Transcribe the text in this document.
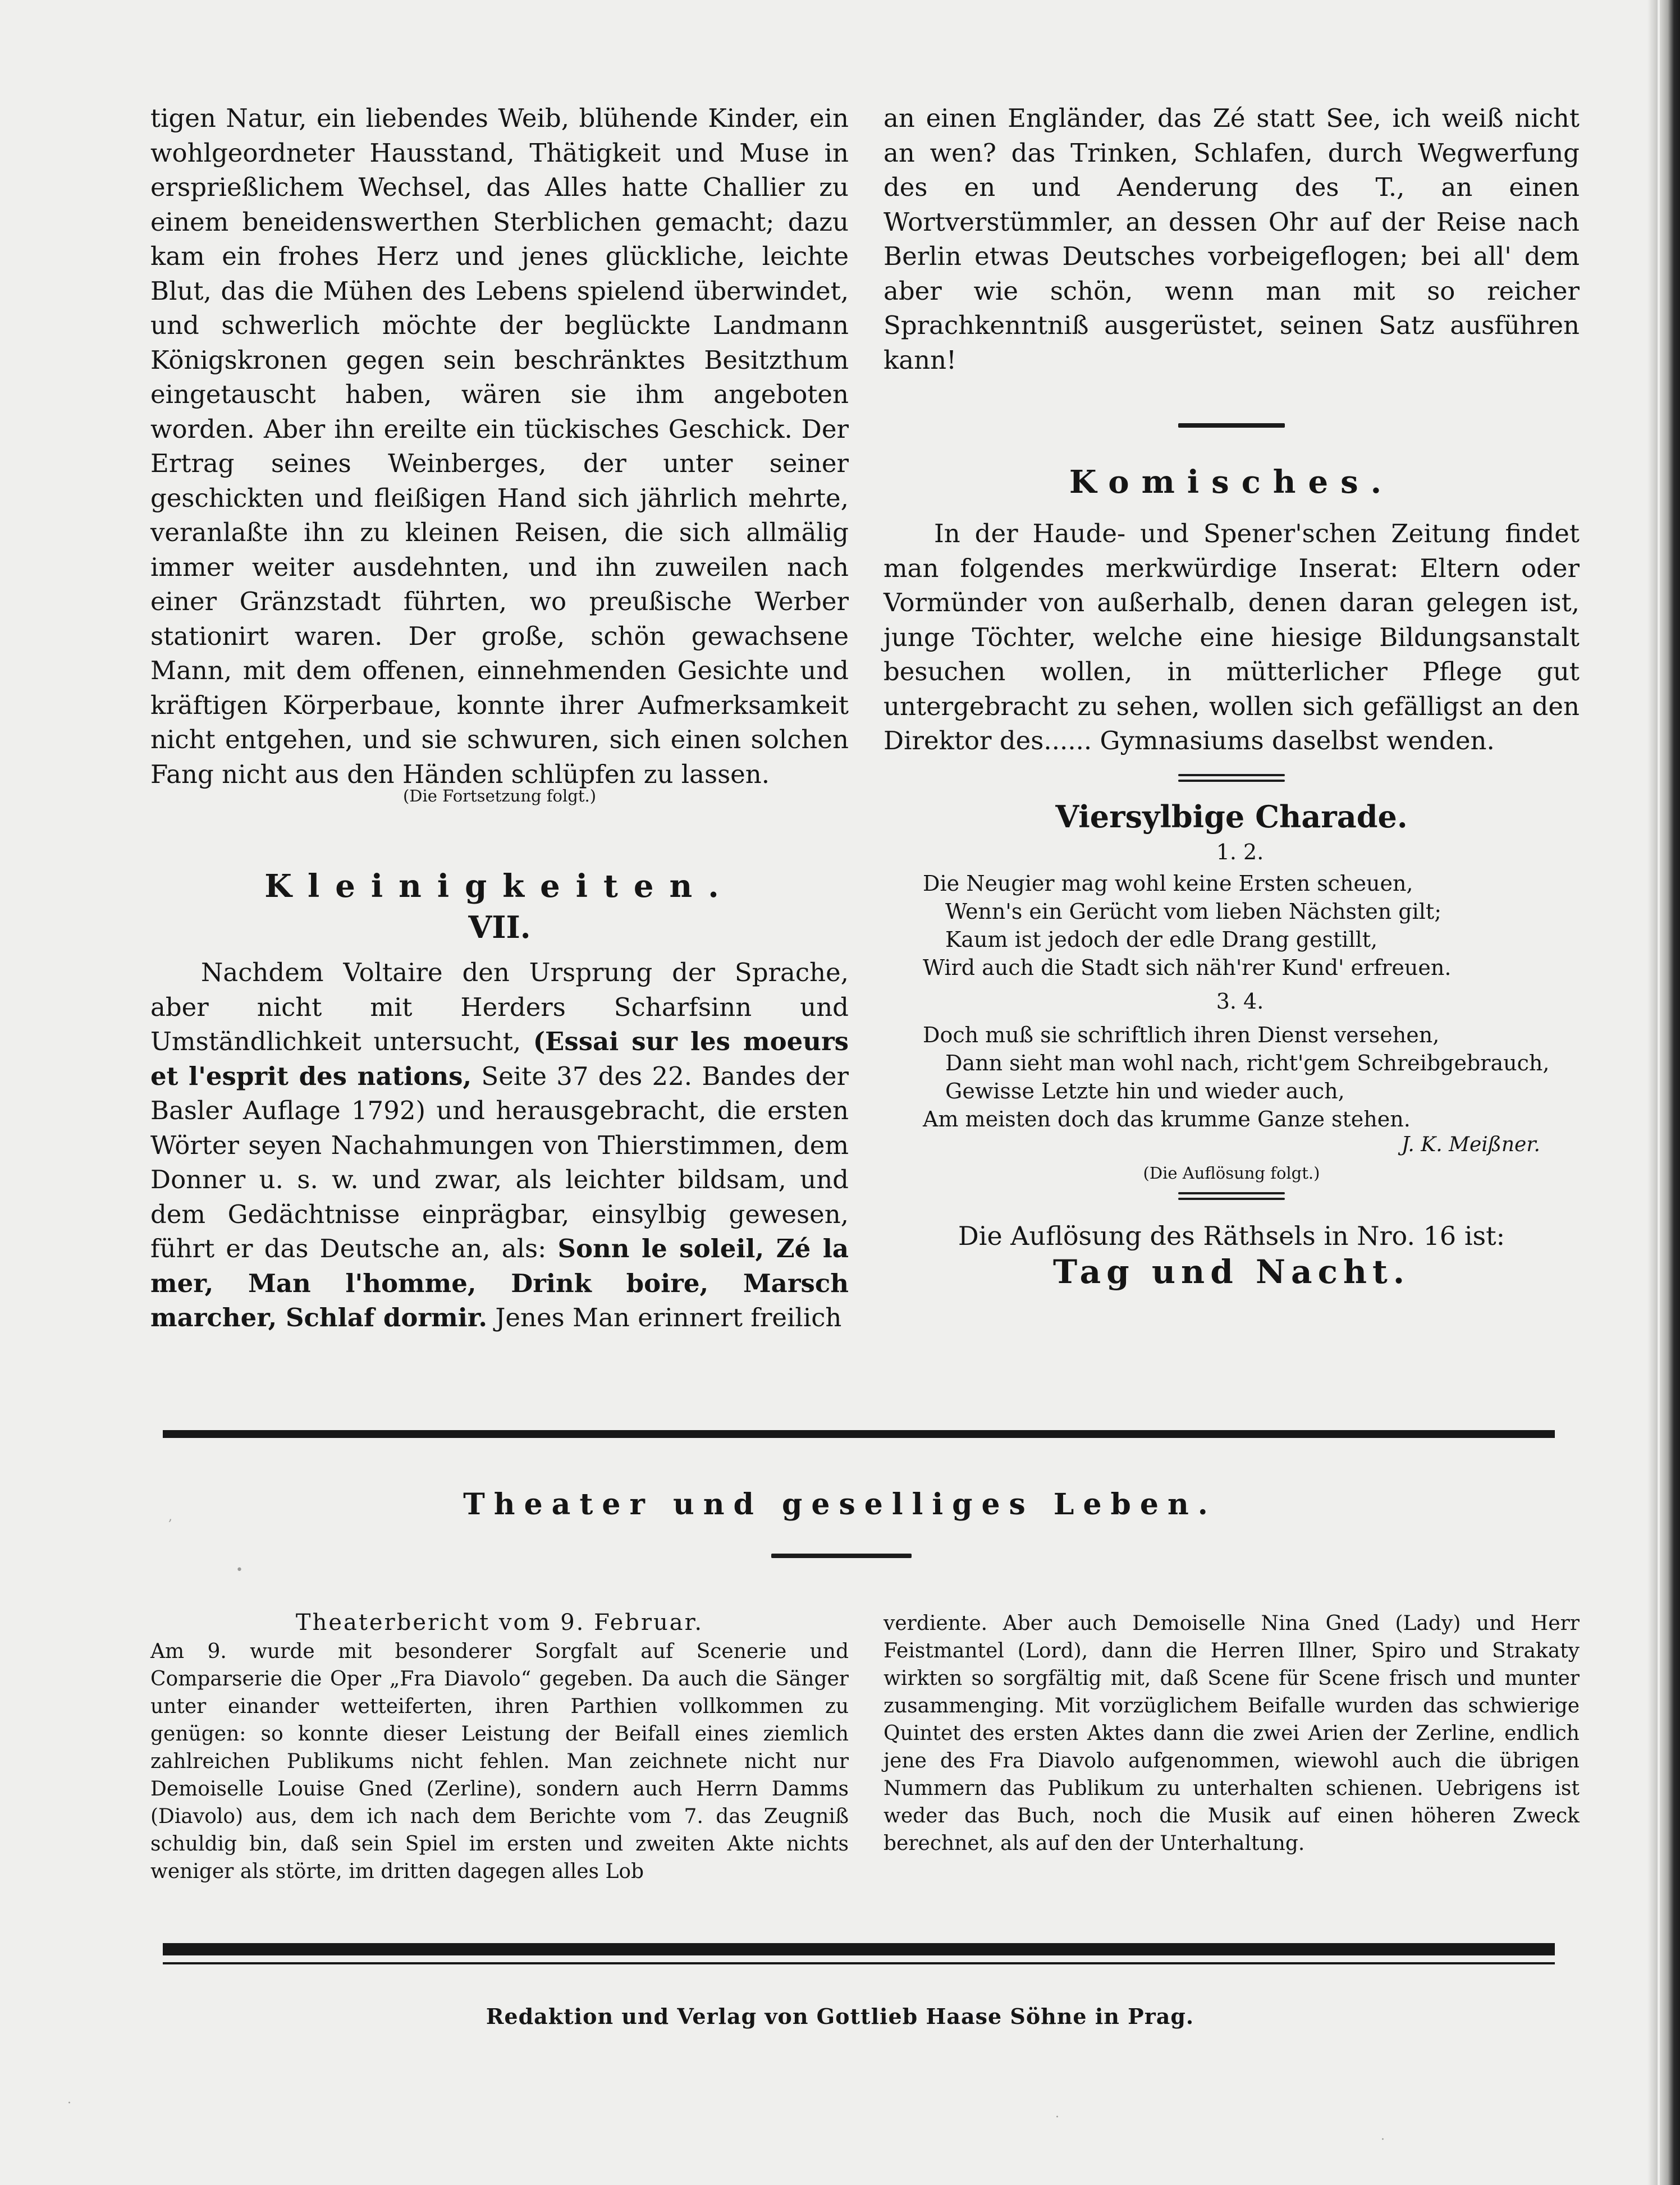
tigen Natur, ein liebendes Weib, blühende Kinder, ein wohlgeordneter Hausstand, Thätigkeit und Muse in ersprießlichem Wechsel, das Alles hatte Challier zu einem beneidenswerthen Sterblichen gemacht; dazu kam ein frohes Herz und jenes glückliche, leichte Blut, das die Mühen des Lebens spielend überwindet, und schwerlich möchte der beglückte Landmann Königskronen gegen sein beschränktes Besitzthum eingetauscht haben, wären sie ihm angeboten worden. Aber ihn ereilte ein tückisches Geschick. Der Ertrag seines Weinberges, der unter seiner geschickten und fleißigen Hand sich jährlich mehrte, veranlaßte ihn zu kleinen Reisen, die sich allmälig immer weiter ausdehnten, und ihn zuweilen nach einer Gränzstadt führten, wo preußische Werber stationirt waren. Der große, schön gewachsene Mann, mit dem offenen, einnehmenden Gesichte und kräftigen Körperbaue, konnte ihrer Aufmerksamkeit nicht entgehen, und sie schwuren, sich einen solchen Fang nicht aus den Händen schlüpfen zu lassen.

(Die Fortsetzung folgt.)

Kleinigkeiten.

VII.

Nachdem Voltaire den Ursprung der Sprache, aber nicht mit Herders Scharfsinn und Umständlichkeit untersucht, (Essai sur les moeurs et l'esprit des nations, Seite 37 des 22. Bandes der Basler Auflage 1792) und herausgebracht, die ersten Wörter seyen Nachahmungen von Thierstimmen, dem Donner u. s. w. und zwar, als leichter bildsam, und dem Gedächtnisse einprägbar, einsylbig gewesen, führt er das Deutsche an, als: Sonn le soleil, Zé la mer, Man l'homme, Drink boire, Marsch marcher, Schlaf dormir. Jenes Man erinnert freilich

an einen Engländer, das Zé statt See, ich weiß nicht an wen? das Trinken, Schlafen, durch Wegwerfung des en und Aenderung des T., an einen Wortverstümmler, an dessen Ohr auf der Reise nach Berlin etwas Deutsches vorbeigeflogen; bei all' dem aber wie schön, wenn man mit so reicher Sprachkenntniß ausgerüstet, seinen Satz ausführen kann!

Komisches.

In der Haude- und Spener'schen Zeitung findet man folgendes merkwürdige Inserat: Eltern oder Vormünder von außerhalb, denen daran gelegen ist, junge Töchter, welche eine hiesige Bildungsanstalt besuchen wollen, in mütterlicher Pflege gut untergebracht zu sehen, wollen sich gefälligst an den Direktor des...... Gymnasiums daselbst wenden.

Viersylbige Charade.

1. 2.

Die Neugier mag wohl keine Ersten scheuen,

Wenn's ein Gerücht vom lieben Nächsten gilt;

Kaum ist jedoch der edle Drang gestillt,

Wird auch die Stadt sich näh'rer Kund' erfreuen.

3. 4.

Doch muß sie schriftlich ihren Dienst versehen,

Dann sieht man wohl nach, richt'gem Schreibgebrauch,

Gewisse Letzte hin und wieder auch,

Am meisten doch das krumme Ganze stehen.

J. K. Meißner.

(Die Auflösung folgt.)

Die Auflösung des Räthsels in Nro. 16 ist:

Tag und Nacht.

Theater und geselliges Leben.

Theaterbericht vom 9. Februar.

Am 9. wurde mit besonderer Sorgfalt auf Scenerie und Comparserie die Oper „Fra Diavolo“ gegeben. Da auch die Sänger unter einander wetteiferten, ihren Parthien vollkommen zu genügen: so konnte dieser Leistung der Beifall eines ziemlich zahlreichen Publikums nicht fehlen. Man zeichnete nicht nur Demoiselle Louise Gned (Zerline), sondern auch Herrn Damms (Diavolo) aus, dem ich nach dem Berichte vom 7. das Zeugniß schuldig bin, daß sein Spiel im ersten und zweiten Akte nichts weniger als störte, im dritten dagegen alles Lob

verdiente. Aber auch Demoiselle Nina Gned (Lady) und Herr Feistmantel (Lord), dann die Herren Illner, Spiro und Strakaty wirkten so sorgfältig mit, daß Scene für Scene frisch und munter zusammenging. Mit vorzüglichem Beifalle wurden das schwierige Quintet des ersten Aktes dann die zwei Arien der Zerline, endlich jene des Fra Diavolo aufgenommen, wiewohl auch die übrigen Nummern das Publikum zu unterhalten schienen. Uebrigens ist weder das Buch, noch die Musik auf einen höheren Zweck berechnet, als auf den der Unterhaltung.

Redaktion und Verlag von Gottlieb Haase Söhne in Prag.

•
,
·
·
·
